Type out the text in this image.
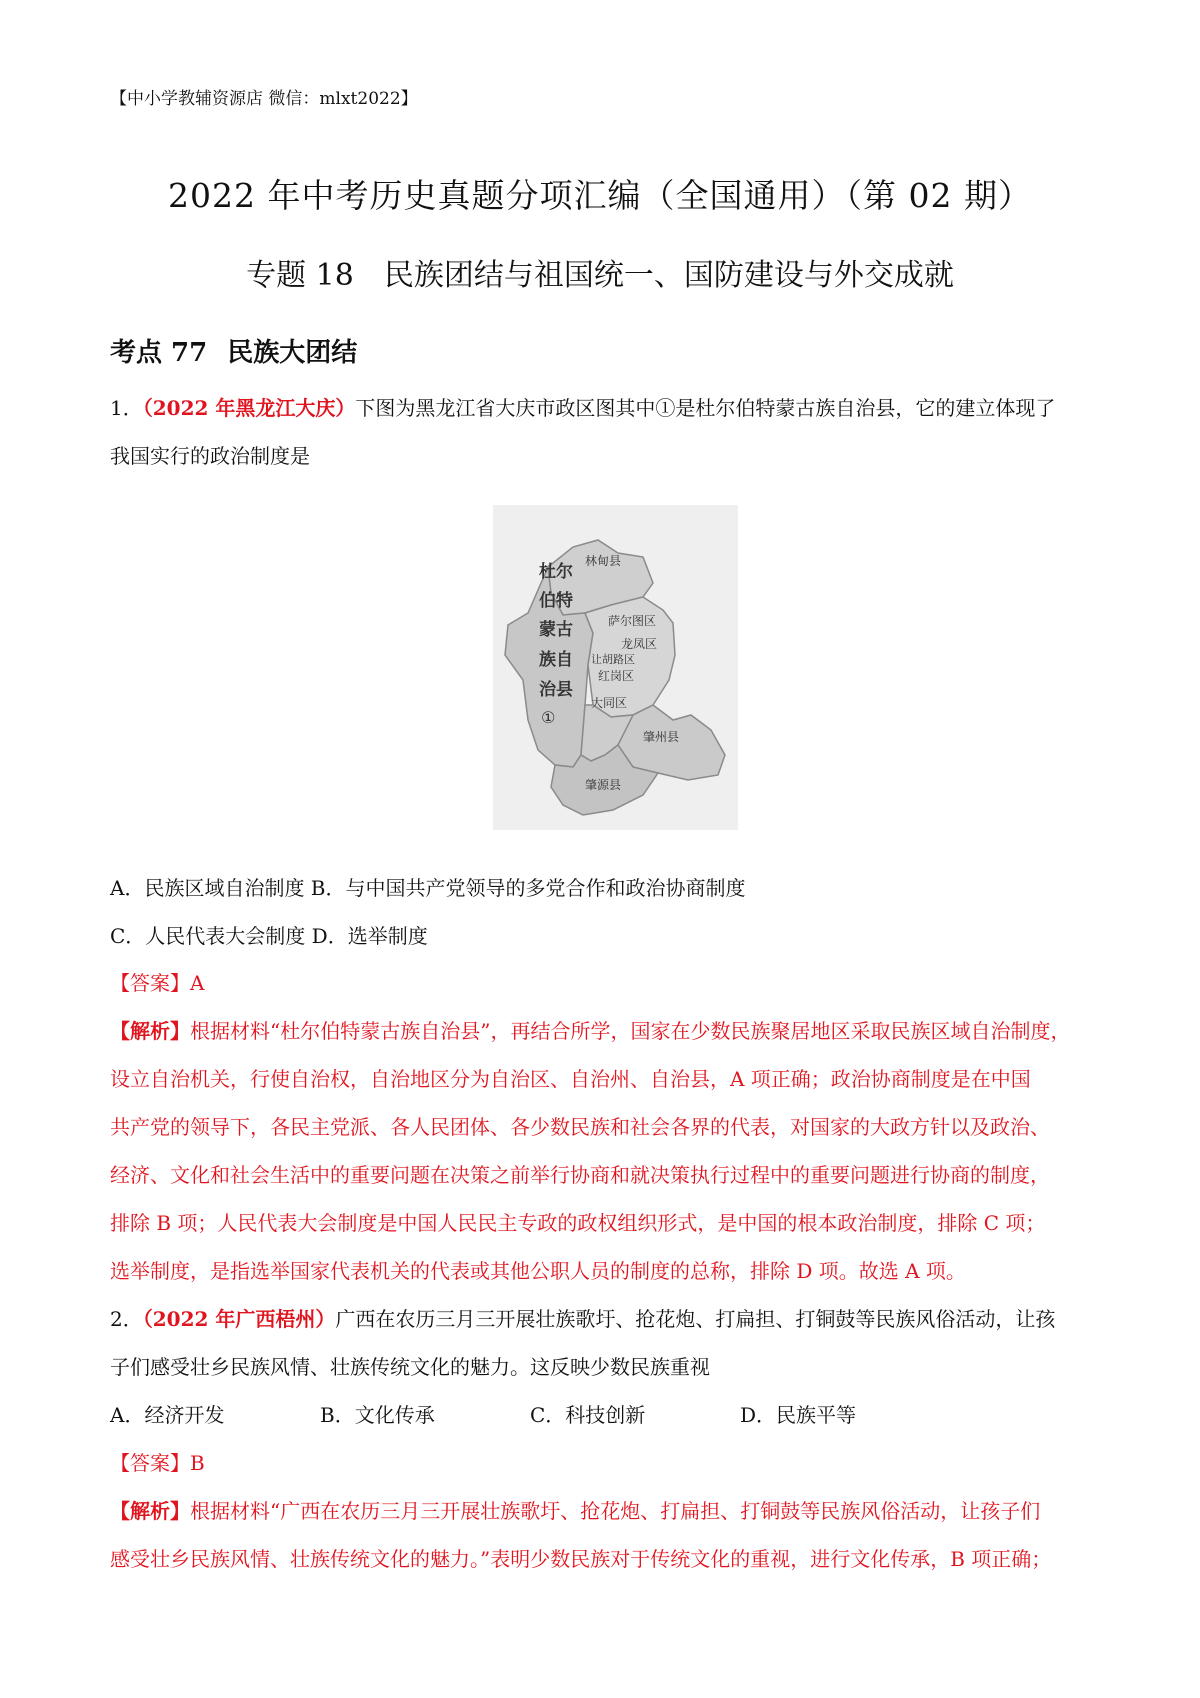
【中小学教辅资源店 微信：mlxt2022】
2022 年中考历史真题分项汇编（全国通用）（第 02 期）
专题 18　民族团结与祖国统一、国防建设与外交成就
考点 77 民族大团结
1．（2022 年黑龙江大庆）下图为黑龙江省大庆市政区图其中①是杜尔伯特蒙古族自治县，它的建立体现了
我国实行的政治制度是
林甸县
杜 尔
伯 特
蒙 古
族 自
治 县
①
萨尔图区
龙凤区
让胡路区
红岗区
大同区
肇州县
肇源县
A．民族区域自治制度 B．与中国共产党领导的多党合作和政治协商制度
C．人民代表大会制度 D．选举制度
【答案】A
【解析】根据材料“杜尔伯特蒙古族自治县”，再结合所学，国家在少数民族聚居地区采取民族区域自治制度，
设立自治机关，行使自治权，自治地区分为自治区、自治州、自治县，A 项正确；政治协商制度是在中国
共产党的领导下，各民主党派、各人民团体、各少数民族和社会各界的代表，对国家的大政方针以及政治、
经济、文化和社会生活中的重要问题在决策之前举行协商和就决策执行过程中的重要问题进行协商的制度，
排除 B 项；人民代表大会制度是中国人民民主专政的政权组织形式，是中国的根本政治制度，排除 C 项；
选举制度，是指选举国家代表机关的代表或其他公职人员的制度的总称，排除 D 项。故选 A 项。
2．（2022 年广西梧州）广西在农历三月三开展壮族歌圩、抢花炮、打扁担、打铜鼓等民族风俗活动，让孩
子们感受壮乡民族风情、壮族传统文化的魅力。这反映少数民族重视
A．经济开发	B．文化传承	C．科技创新	D．民族平等
【答案】B
【解析】根据材料“广西在农历三月三开展壮族歌圩、抢花炮、打扁担、打铜鼓等民族风俗活动，让孩子们
感受壮乡民族风情、壮族传统文化的魅力。”表明少数民族对于传统文化的重视，进行文化传承，B 项正确；
